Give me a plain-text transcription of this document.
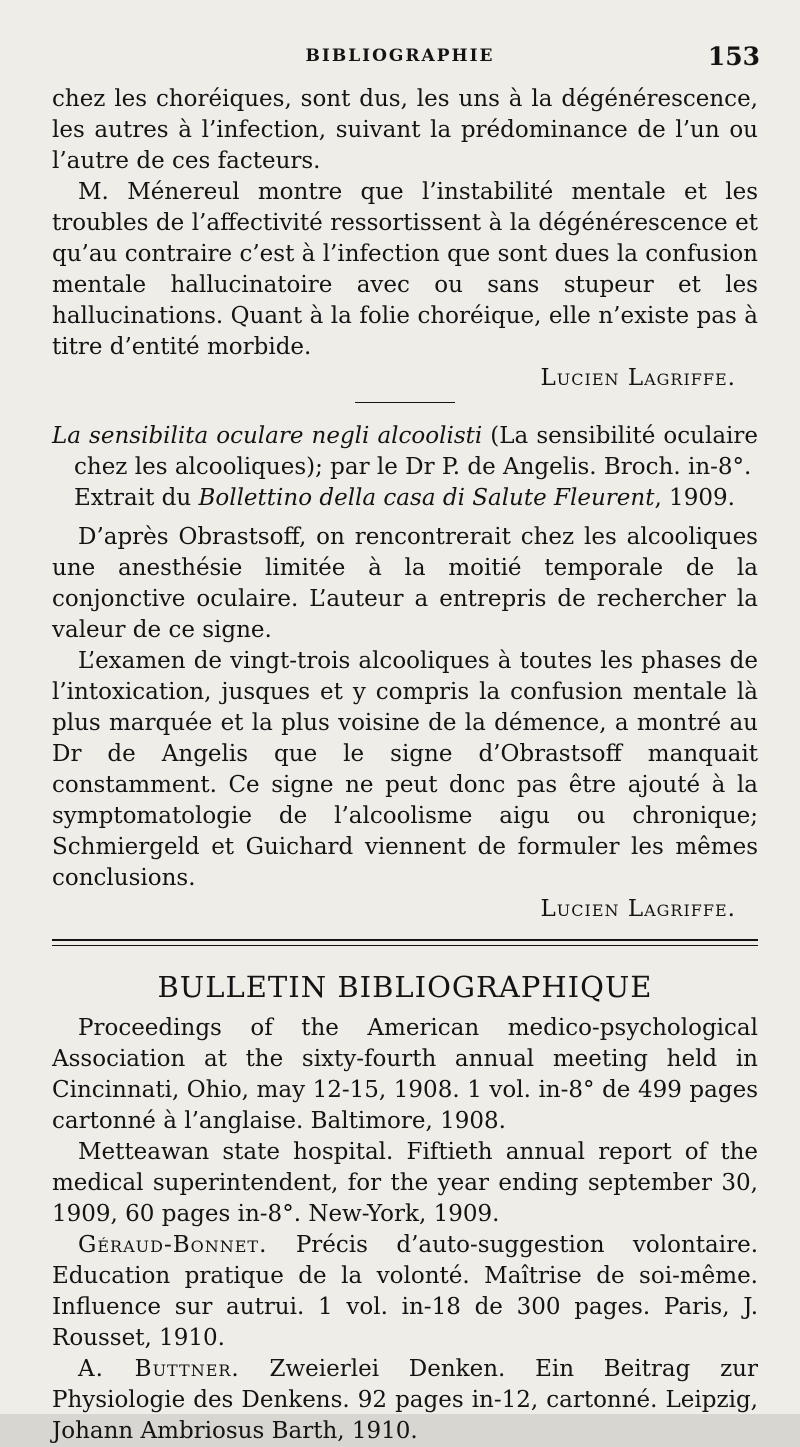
BIBLIOGRAPHIE	153

chez les choréiques, sont dus, les uns à la dégénérescence, les autres à l’infection, suivant la prédominance de l’un ou l’autre de ces facteurs.

M. Ménereul montre que l’instabilité mentale et les troubles de l’affectivité ressortissent à la dégénérescence et qu’au contraire c’est à l’infection que sont dues la confusion mentale hallucinatoire avec ou sans stupeur et les hallucinations. Quant à la folie choréique, elle n’existe pas à titre d’entité morbide.

Lucien Lagriffe.

La sensibilita oculare negli alcoolisti (La sensibilité oculaire chez les alcooliques); par le Dr P. de Angelis. Broch. in-8°.
Extrait du Bollettino della casa di Salute Fleurent, 1909.

D’après Obrastsoff, on rencontrerait chez les alcooliques une anesthésie limitée à la moitié temporale de la conjonctive oculaire. L’auteur a entrepris de rechercher la valeur de ce signe.

L’examen de vingt-trois alcooliques à toutes les phases de l’intoxication, jusques et y compris la confusion mentale là plus marquée et la plus voisine de la démence, a montré au Dr de Angelis que le signe d’Obrastsoff manquait constamment. Ce signe ne peut donc pas être ajouté à la symptomatologie de l’alcoolisme aigu ou chronique; Schmiergeld et Guichard viennent de formuler les mêmes conclusions.

Lucien Lagriffe.

BULLETIN BIBLIOGRAPHIQUE

Proceedings of the American medico-psychological Association at the sixty-fourth annual meeting held in Cincinnati, Ohio, may 12-15, 1908. 1 vol. in-8° de 499 pages cartonné à l’anglaise. Baltimore, 1908.

Metteawan state hospital. Fiftieth annual report of the medical superintendent, for the year ending september 30, 1909, 60 pages in-8°. New-York, 1909.

Géraud-Bonnet. Précis d’auto-suggestion volontaire. Education pratique de la volonté. Maîtrise de soi-même. Influence sur autrui. 1 vol. in-18 de 300 pages. Paris, J. Rousset, 1910.

A. Buttner. Zweierlei Denken. Ein Beitrag zur Physiologie des Denkens. 92 pages in-12, cartonné. Leipzig, Johann Ambriosus Barth, 1910.
